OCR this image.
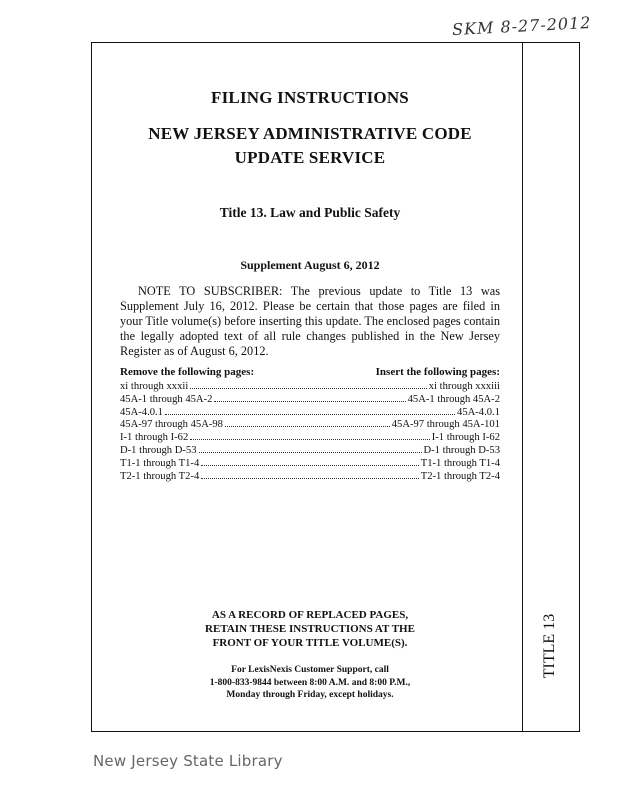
SKM 8-27-2012
TITLE 13
FILING INSTRUCTIONS
NEW JERSEY ADMINISTRATIVE CODE
UPDATE SERVICE
Title 13. Law and Public Safety
Supplement August 6, 2012
NOTE TO SUBSCRIBER: The previous update to Title 13 was Supplement July 16, 2012. Please be certain that those pages are filed in your Title volume(s) before inserting this update. The enclosed pages contain the legally adopted text of all rule changes published in the New Jersey Register as of August 6, 2012.
Remove the following pages:	Insert the following pages:
xi through xxxii	xi through xxxiii
45A-1 through 45A-2	45A-1 through 45A-2
45A-4.0.1	45A-4.0.1
45A-97 through 45A-98	45A-97 through 45A-101
I-1 through I-62	I-1 through I-62
D-1 through D-53	D-1 through D-53
T1-1 through T1-4	T1-1 through T1-4
T2-1 through T2-4	T2-1 through T2-4
AS A RECORD OF REPLACED PAGES,
RETAIN THESE INSTRUCTIONS AT THE
FRONT OF YOUR TITLE VOLUME(S).
For LexisNexis Customer Support, call
1-800-833-9844 between 8:00 A.M. and 8:00 P.M.,
Monday through Friday, except holidays.
New Jersey State Library
